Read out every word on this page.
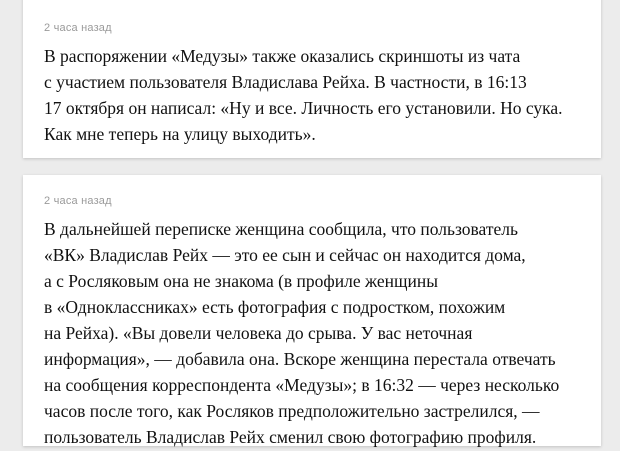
2 часа назад
В распоряжении «Медузы» также оказались скриншоты из чата
с участием пользователя Владислава Рейха. В частности, в 16:13
17 октября он написал: «Ну и все. Личность его установили. Но сука.
Как мне теперь на улицу выходить».
2 часа назад
В дальнейшей переписке женщина сообщила, что пользователь
«ВК» Владислав Рейх — это ее сын и сейчас он находится дома,
а с Росляковым она не знакома (в профиле женщины
в «Одноклассниках» есть фотография с подростком, похожим
на Рейха). «Вы довели человека до срыва. У вас неточная
информация», — добавила она. Вскоре женщина перестала отвечать
на сообщения корреспондента «Медузы»; в 16:32 — через несколько
часов после того, как Росляков предположительно застрелился, —
пользователь Владислав Рейх сменил свою фотографию профиля.
